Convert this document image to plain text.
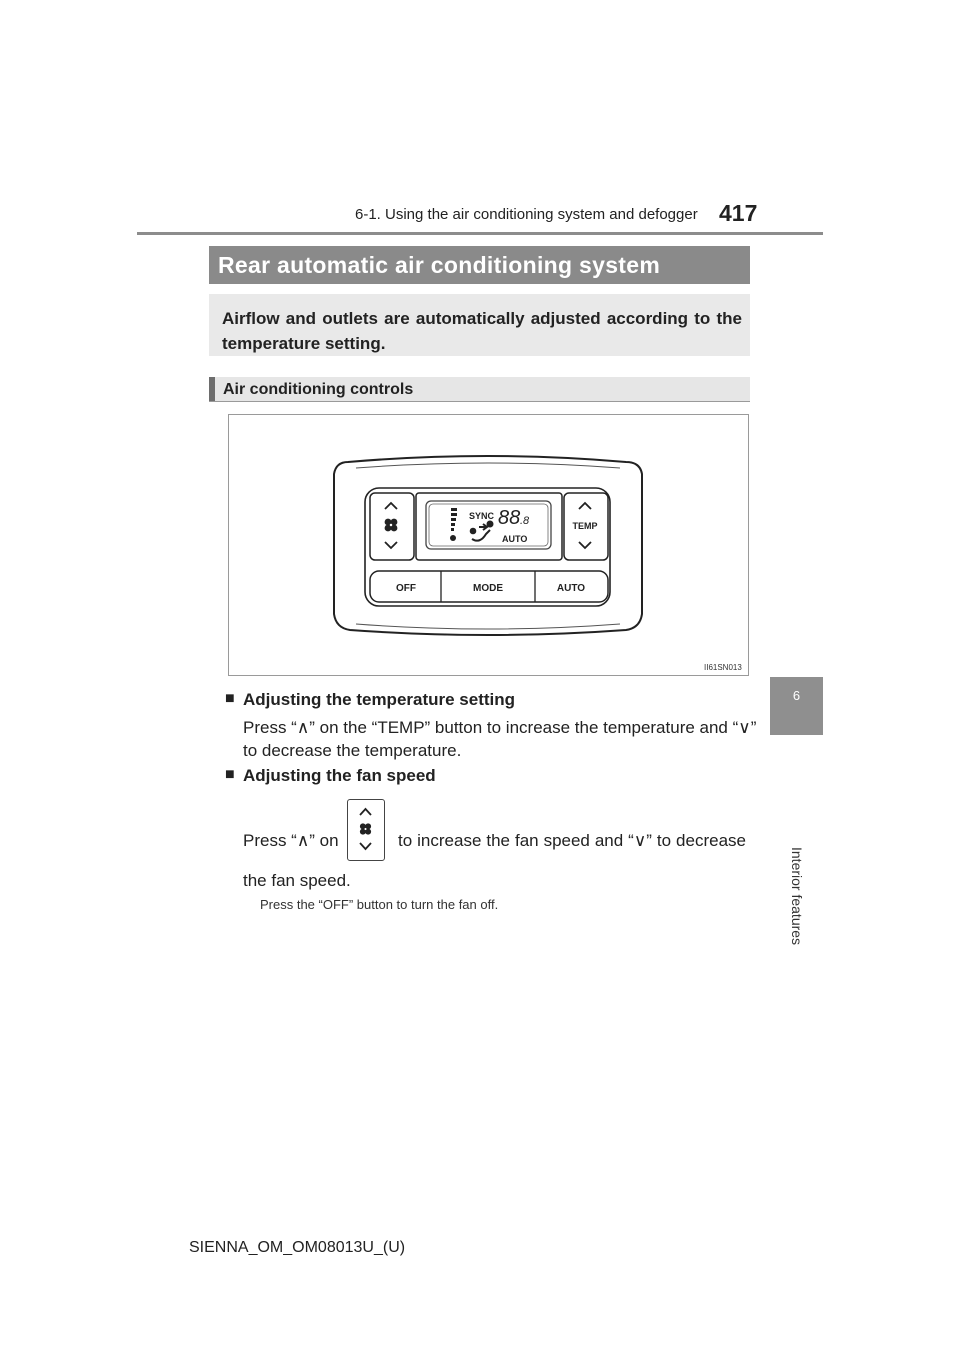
6-1. Using the air conditioning system and defogger 417
6
Interior features
Rear automatic air conditioning system
Airflow and outlets are automatically adjusted according to the temperature setting.
Air conditioning controls
SYNC 88 .8
AUTO
TEMP
OFF	MODE	AUTO
II61SN013
■ Adjusting the temperature setting
Press “∧” on the “TEMP” button to increase the temperature and “∨”
to decrease the temperature.
■ Adjusting the fan speed
Press “∧” on	to increase the fan speed and “∨” to decrease
the fan speed.
Press the “OFF” button to turn the fan off.
SIENNA_OM_OM08013U_(U)
